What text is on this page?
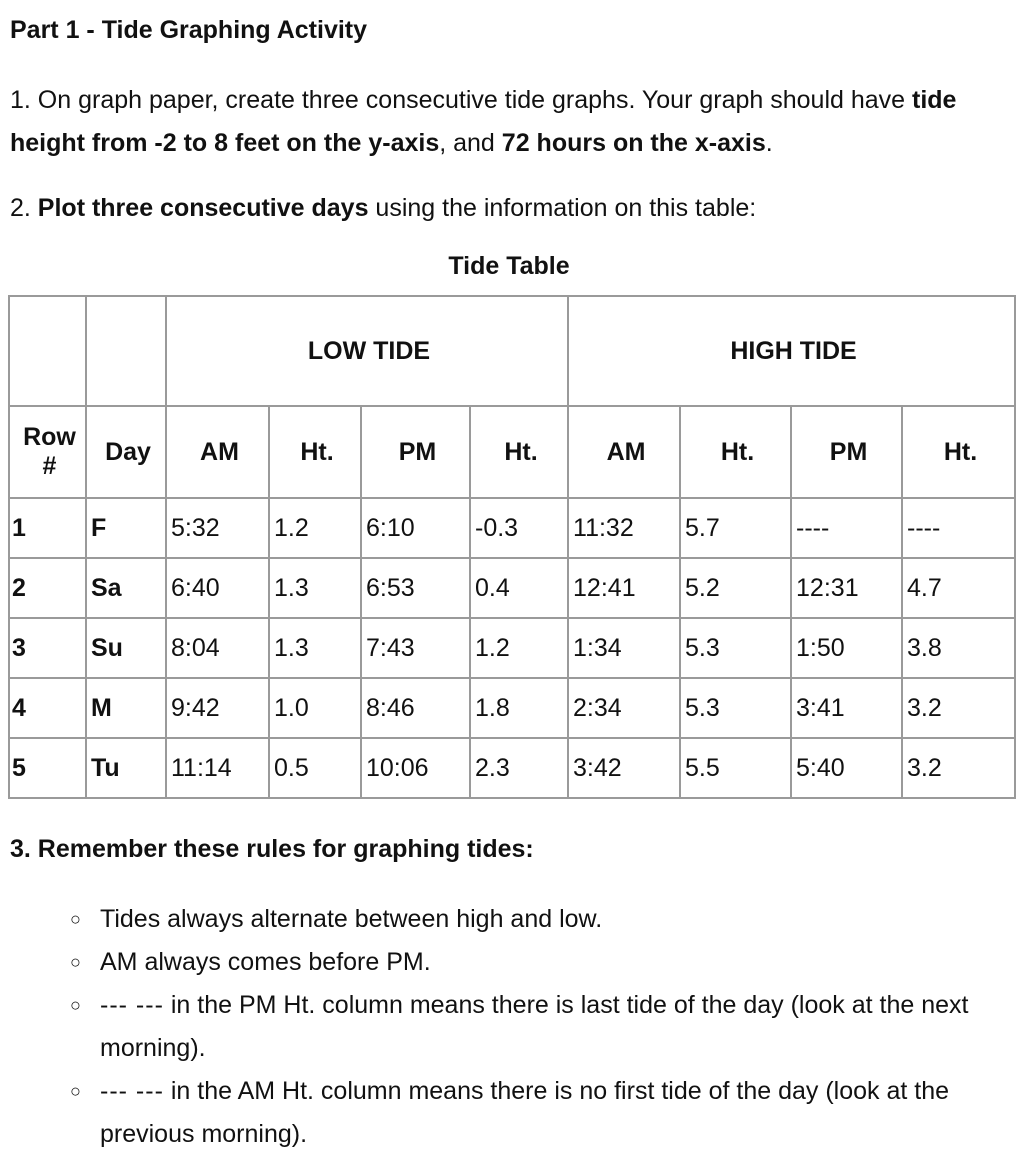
Part 1 - Tide Graphing Activity

1. On graph paper, create three consecutive tide graphs. Your graph should have tide height from -2 to 8 feet on the y-axis, and 72 hours on the x-axis.

2. Plot three consecutive days using the information on this table:

Tide Table
		LOW TIDE				HIGH TIDE			
Row #	Day	AM	Ht.	PM	Ht.	AM	Ht.	PM	Ht.
1	F	5:32	1.2	6:10	-0.3	11:32	5.7	----	----
2	Sa	6:40	1.3	6:53	0.4	12:41	5.2	12:31	4.7
3	Su	8:04	1.3	7:43	1.2	1:34	5.3	1:50	3.8
4	M	9:42	1.0	8:46	1.8	2:34	5.3	3:41	3.2
5	Tu	11:14	0.5	10:06	2.3	3:42	5.5	5:40	3.2
3. Remember these rules for graphing tides:
○ Tides always alternate between high and low.
○ AM always comes before PM.
○ --- --- in the PM Ht. column means there is last tide of the day (look at the next morning).
○ --- --- in the AM Ht. column means there is no first tide of the day (look at the previous morning).
